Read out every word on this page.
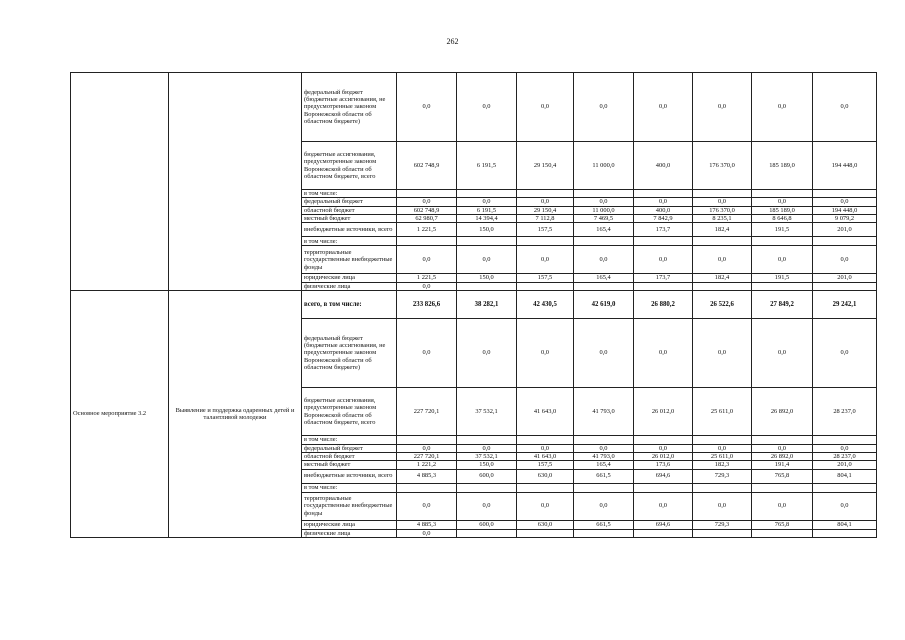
262
		федеральный бюджет (бюджетные ассигнования, не предусмотренные законом Воронежской области об областном бюджете)	0,0	0,0	0,0	0,0	0,0	0,0	0,0	0,0
		бюджетные ассигнования, предусмотренные законом Воронежской области об областном бюджете, всего	602 748,9	6 191,5	29 150,4	11 000,0	400,0	176 370,0	185 189,0	194 448,0
		в том числе:								
		федеральный бюджет	0,0	0,0	0,0	0,0	0,0	0,0	0,0	0,0
		областной бюджет	602 748,9	6 191,5	29 150,4	11 000,0	400,0	176 370,0	185 189,0	194 448,0
		местный бюджет	62 980,7	14 394,4	7 112,8	7 469,5	7 842,9	8 235,1	8 646,8	9 079,2
		внебюджетные источники, всего	1 221,5	150,0	157,5	165,4	173,7	182,4	191,5	201,0
		в том числе:								
		территориальные государственные внебюджетные фонды	0,0	0,0	0,0	0,0	0,0	0,0	0,0	0,0
		юридические лица	1 221,5	150,0	157,5	165,4	173,7	182,4	191,5	201,0
		физические лица	0,0							
Основное мероприятие 3.2	Выявление и поддержка одаренных детей и талантливой молодежи	всего, в том числе:	233 826,6	38 282,1	42 430,5	42 619,0	26 880,2	26 522,6	27 849,2	29 242,1
		федеральный бюджет (бюджетные ассигнования, не предусмотренные законом Воронежской области об областном бюджете)	0,0	0,0	0,0	0,0	0,0	0,0	0,0	0,0
		бюджетные ассигнования, предусмотренные законом Воронежской области об областном бюджете, всего	227 720,1	37 532,1	41 643,0	41 793,0	26 012,0	25 611,0	26 892,0	28 237,0
		в том числе:								
		федеральный бюджет	0,0	0,0	0,0	0,0	0,0	0,0	0,0	0,0
		областной бюджет	227 720,1	37 532,1	41 643,0	41 793,0	26 012,0	25 611,0	26 892,0	28 237,0
		местный бюджет	1 221,2	150,0	157,5	165,4	173,6	182,3	191,4	201,0
		внебюджетные источники, всего	4 885,3	600,0	630,0	661,5	694,6	729,3	765,8	804,1
		в том числе:								
		территориальные государственные внебюджетные фонды	0,0	0,0	0,0	0,0	0,0	0,0	0,0	0,0
		юридические лица	4 885,3	600,0	630,0	661,5	694,6	729,3	765,8	804,1
		физические лица	0,0							
